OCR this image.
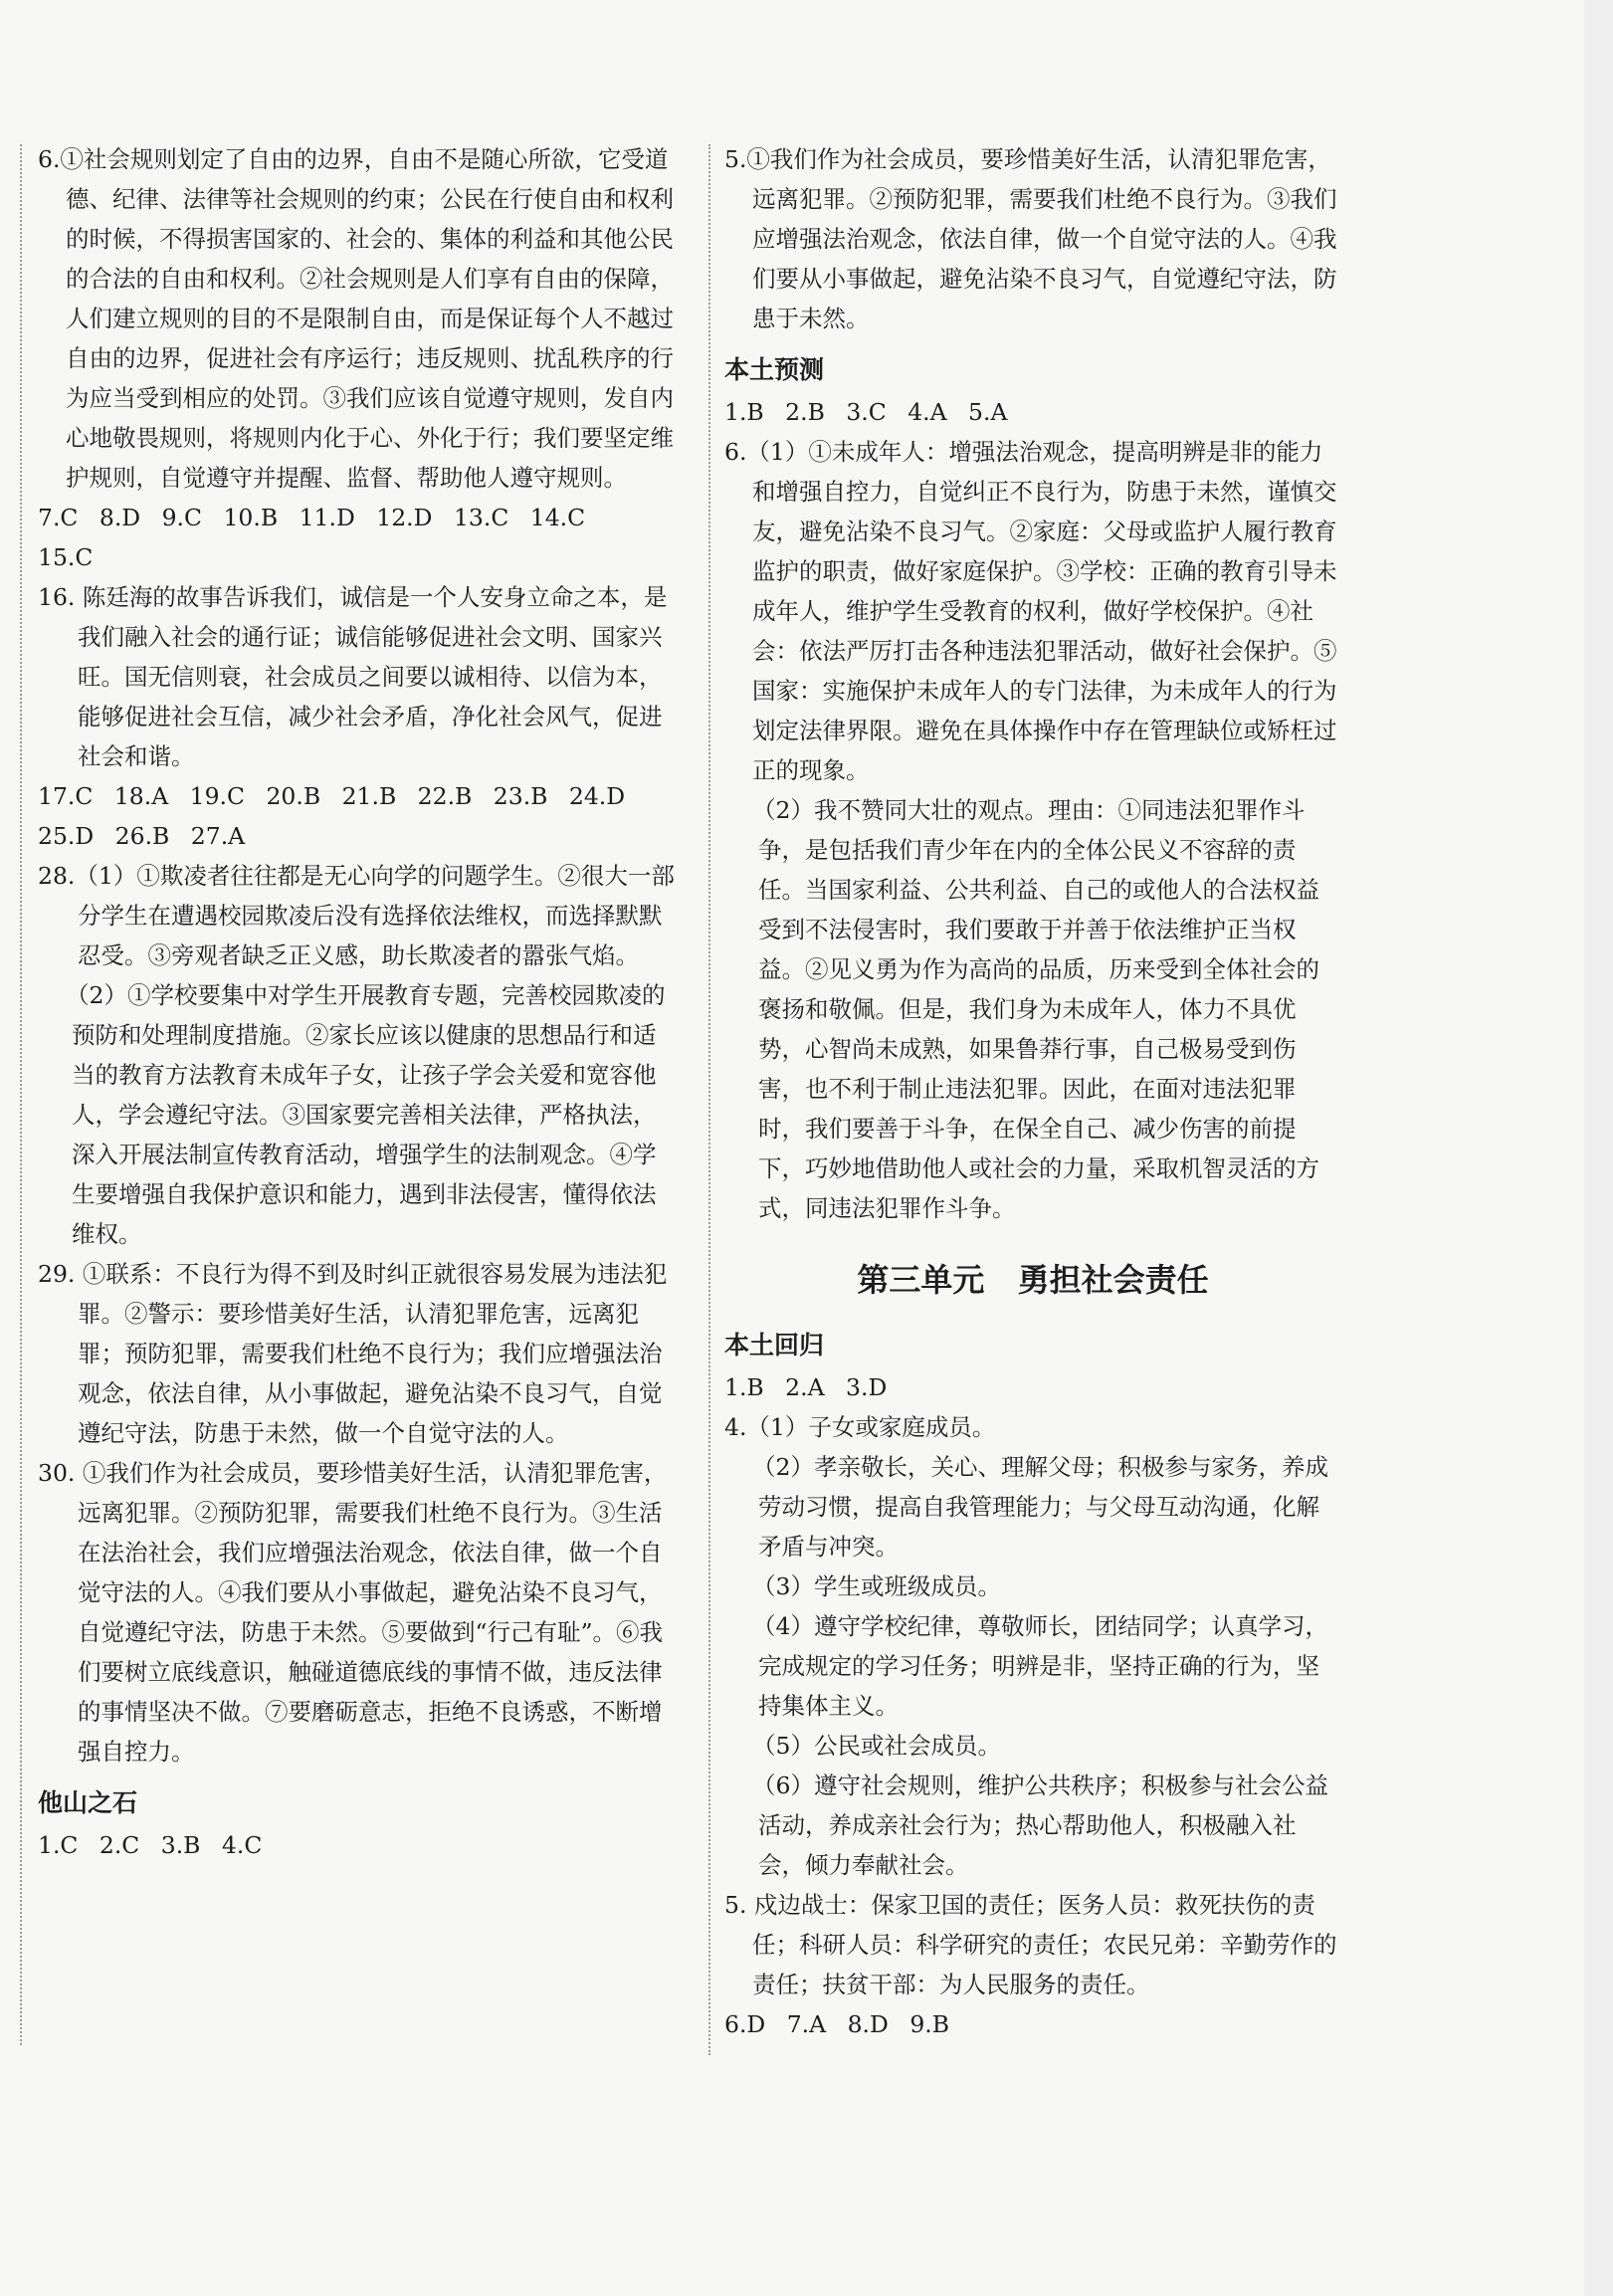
6.①社会规则划定了自由的边界，自由不是随心所欲，它受道德、纪律、法律等社会规则的约束；公民在行使自由和权利的时候，不得损害国家的、社会的、集体的利益和其他公民的合法的自由和权利。②社会规则是人们享有自由的保障，人们建立规则的目的不是限制自由，而是保证每个人不越过自由的边界，促进社会有序运行；违反规则、扰乱秩序的行为应当受到相应的处罚。③我们应该自觉遵守规则，发自内心地敬畏规则，将规则内化于心、外化于行；我们要坚定维护规则，自觉遵守并提醒、监督、帮助他人遵守规则。

7.C 8.D 9.C 10.B 11.D 12.D 13.C 14.C

15.C

16. 陈廷海的故事告诉我们，诚信是一个人安身立命之本，是我们融入社会的通行证；诚信能够促进社会文明、国家兴旺。国无信则衰，社会成员之间要以诚相待、以信为本，能够促进社会互信，减少社会矛盾，净化社会风气，促进社会和谐。

17.C 18.A 19.C 20.B 21.B 22.B 23.B 24.D

25.D 26.B 27.A

28.（1）①欺凌者往往都是无心向学的问题学生。②很大一部分学生在遭遇校园欺凌后没有选择依法维权，而选择默默忍受。③旁观者缺乏正义感，助长欺凌者的嚣张气焰。

（2）①学校要集中对学生开展教育专题，完善校园欺凌的预防和处理制度措施。②家长应该以健康的思想品行和适当的教育方法教育未成年子女，让孩子学会关爱和宽容他人，学会遵纪守法。③国家要完善相关法律，严格执法，深入开展法制宣传教育活动，增强学生的法制观念。④学生要增强自我保护意识和能力，遇到非法侵害，懂得依法维权。

29. ①联系：不良行为得不到及时纠正就很容易发展为违法犯罪。②警示：要珍惜美好生活，认清犯罪危害，远离犯罪；预防犯罪，需要我们杜绝不良行为；我们应增强法治观念，依法自律，从小事做起，避免沾染不良习气，自觉遵纪守法，防患于未然，做一个自觉守法的人。

30. ①我们作为社会成员，要珍惜美好生活，认清犯罪危害，远离犯罪。②预防犯罪，需要我们杜绝不良行为。③生活在法治社会，我们应增强法治观念，依法自律，做一个自觉守法的人。④我们要从小事做起，避免沾染不良习气，自觉遵纪守法，防患于未然。⑤要做到“行己有耻”。⑥我们要树立底线意识，触碰道德底线的事情不做，违反法律的事情坚决不做。⑦要磨砺意志，拒绝不良诱惑，不断增强自控力。

他山之石

1.C 2.C 3.B 4.C

5.①我们作为社会成员，要珍惜美好生活，认清犯罪危害，远离犯罪。②预防犯罪，需要我们杜绝不良行为。③我们应增强法治观念，依法自律，做一个自觉守法的人。④我们要从小事做起，避免沾染不良习气，自觉遵纪守法，防患于未然。

本土预测

1.B 2.B 3.C 4.A 5.A

6.（1）①未成年人：增强法治观念，提高明辨是非的能力和增强自控力，自觉纠正不良行为，防患于未然，谨慎交友，避免沾染不良习气。②家庭：父母或监护人履行教育监护的职责，做好家庭保护。③学校：正确的教育引导未成年人，维护学生受教育的权利，做好学校保护。④社会：依法严厉打击各种违法犯罪活动，做好社会保护。⑤国家：实施保护未成年人的专门法律，为未成年人的行为划定法律界限。避免在具体操作中存在管理缺位或矫枉过正的现象。

（2）我不赞同大壮的观点。理由：①同违法犯罪作斗争，是包括我们青少年在内的全体公民义不容辞的责任。当国家利益、公共利益、自己的或他人的合法权益受到不法侵害时，我们要敢于并善于依法维护正当权益。②见义勇为作为高尚的品质，历来受到全体社会的褒扬和敬佩。但是，我们身为未成年人，体力不具优势，心智尚未成熟，如果鲁莽行事，自己极易受到伤害，也不利于制止违法犯罪。因此，在面对违法犯罪时，我们要善于斗争，在保全自己、减少伤害的前提下，巧妙地借助他人或社会的力量，采取机智灵活的方式，同违法犯罪作斗争。

第三单元 勇担社会责任
本土回归

1.B 2.A 3.D

4.（1）子女或家庭成员。

（2）孝亲敬长，关心、理解父母；积极参与家务，养成劳动习惯，提高自我管理能力；与父母互动沟通，化解矛盾与冲突。

（3）学生或班级成员。

（4）遵守学校纪律，尊敬师长，团结同学；认真学习，完成规定的学习任务；明辨是非，坚持正确的行为，坚持集体主义。

（5）公民或社会成员。

（6）遵守社会规则，维护公共秩序；积极参与社会公益活动，养成亲社会行为；热心帮助他人，积极融入社会，倾力奉献社会。

5. 戍边战士：保家卫国的责任；医务人员：救死扶伤的责任；科研人员：科学研究的责任；农民兄弟：辛勤劳作的责任；扶贫干部：为人民服务的责任。

6.D 7.A 8.D 9.B
